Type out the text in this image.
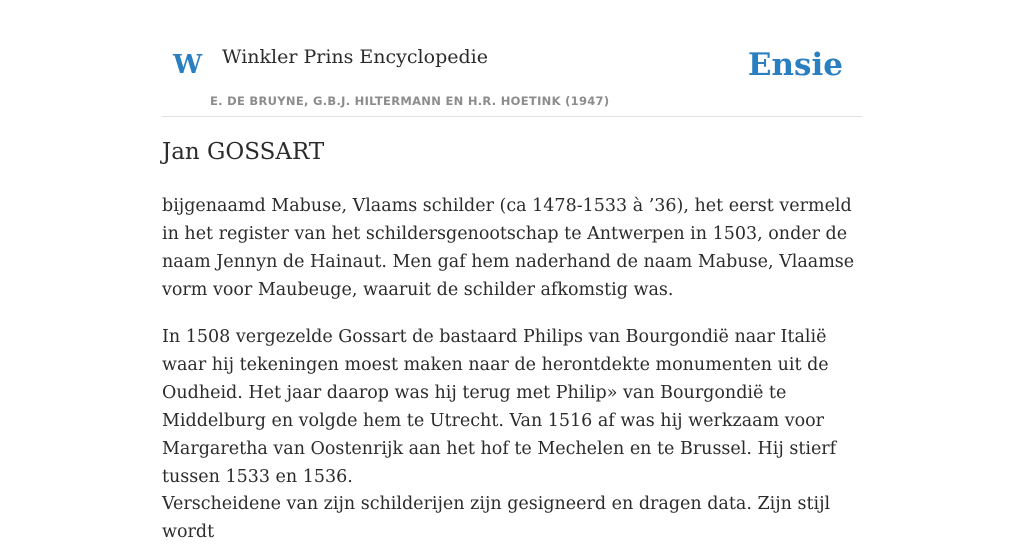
W Winkler Prins Encyclopedie
E. DE BRUYNE, G.B.J. HILTERMANN EN H.R. HOETINK (1947)
Ensie
Jan GOSSART

bijgenaamd Mabuse, Vlaams schilder (ca 1478-1533 à ’36), het eerst vermeld in het register van het schildersgenootschap te Antwerpen in 1503, onder de naam Jennyn de Hainaut. Men gaf hem naderhand de naam Mabuse, Vlaamse vorm voor Maubeuge, waaruit de schilder afkomstig was.

In 1508 vergezelde Gossart de bastaard Philips van Bourgondië naar Italië waar hij tekeningen moest maken naar de herontdekte monumenten uit de Oudheid. Het jaar daarop was hij terug met Philip» van Bourgondië te Middelburg en volgde hem te Utrecht. Van 1516 af was hij werkzaam voor Margaretha van Oostenrijk aan het hof te Mechelen en te Brussel. Hij stierf tussen 1533 en 1536.

Verscheidene van zijn schilderijen zijn gesigneerd en dragen data. Zijn stijl wordt
